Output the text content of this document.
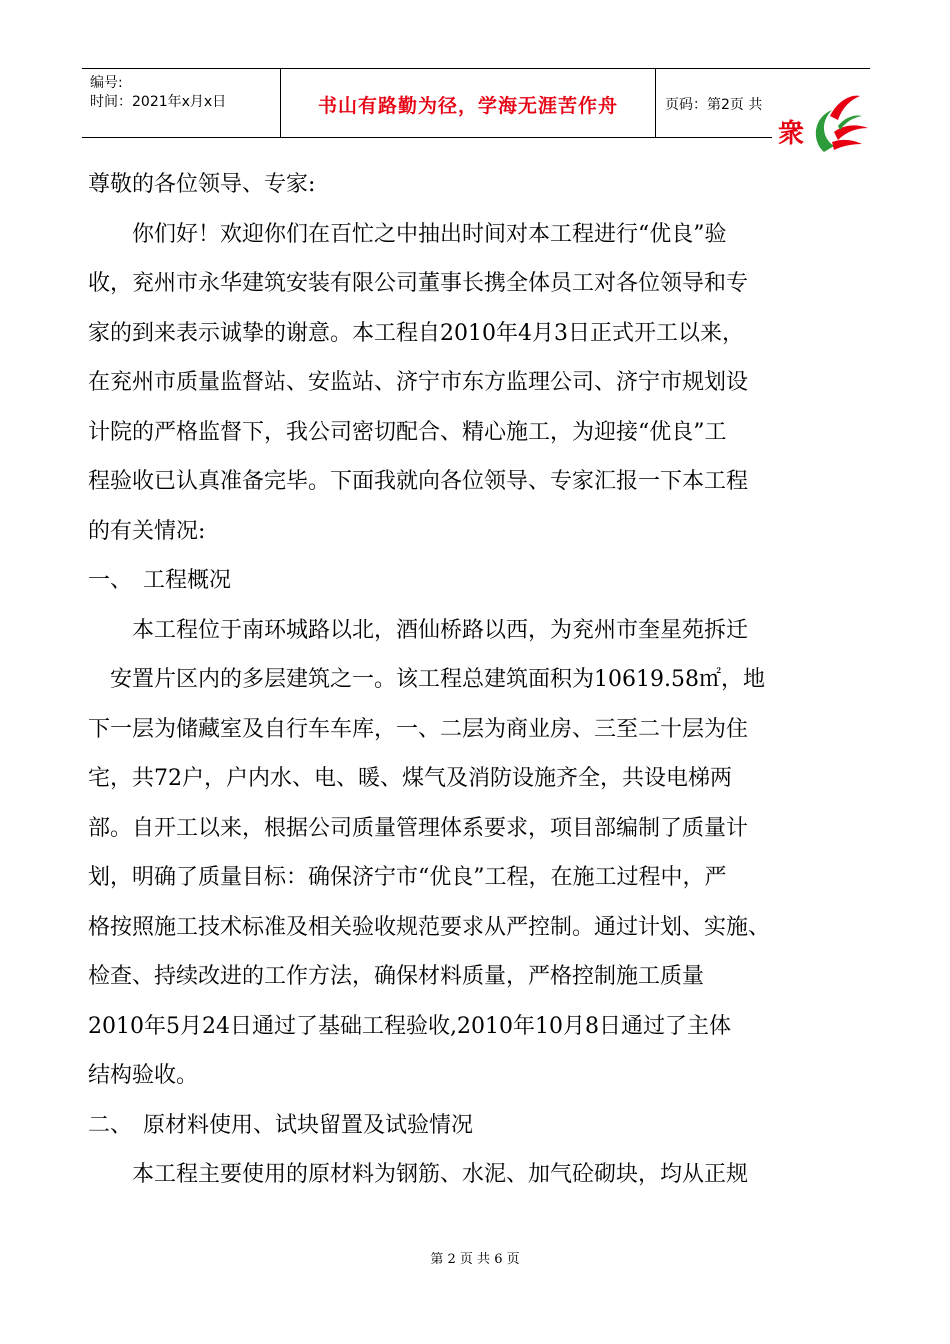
编号:
时间：2021年x月x日	书山有路勤为径，学海无涯苦作舟	页码：第2页 共
衆
尊敬的各位领导、专家:
　　你们好！欢迎你们在百忙之中抽出时间对本工程进行“优良”验
收，兖州市永华建筑安装有限公司董事长携全体员工对各位领导和专
家的到来表示诚挚的谢意。本工程自2010年4月3日正式开工以来，
在兖州市质量监督站、安监站、济宁市东方监理公司、济宁市规划设
计院的严格监督下，我公司密切配合、精心施工，为迎接“优良”工
程验收已认真准备完毕。下面我就向各位领导、专家汇报一下本工程
的有关情况:
一、　工程概况
　　本工程位于南环城路以北，酒仙桥路以西，为兖州市奎星苑拆迁
　安置片区内的多层建筑之一。该工程总建筑面积为10619.58㎡，地
下一层为储藏室及自行车车库，一、二层为商业房、三至二十层为住
宅，共72户，户内水、电、暖、煤气及消防设施齐全，共设电梯两
部。自开工以来，根据公司质量管理体系要求，项目部编制了质量计
划，明确了质量目标：确保济宁市“优良”工程，在施工过程中，严
格按照施工技术标准及相关验收规范要求从严控制。通过计划、实施、
检查、持续改进的工作方法，确保材料质量，严格控制施工质量
2010年5月24日通过了基础工程验收,2010年10月8日通过了主体
结构验收。
二、　原材料使用、试块留置及试验情况
　　本工程主要使用的原材料为钢筋、水泥、加气砼砌块，均从正规
第 2 页 共 6 页
